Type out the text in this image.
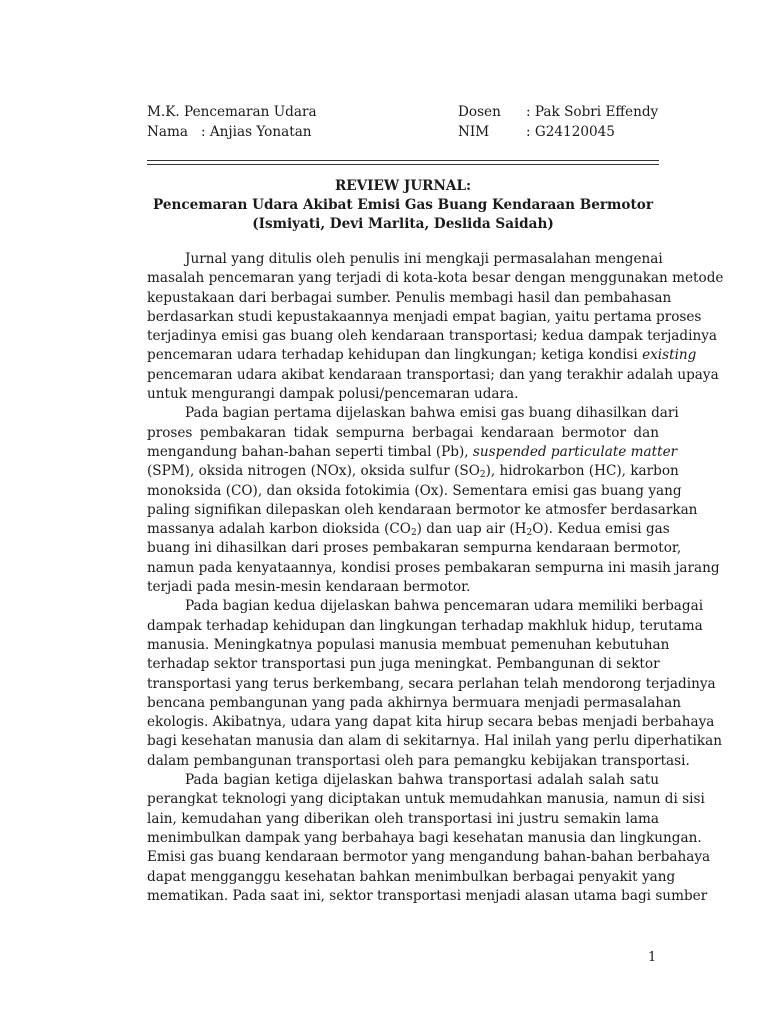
M.K. Pencemaran Udara	Dosen : Pak Sobri Effendy
Nama   : Anjias Yonatan	NIM	: G24120045
REVIEW JURNAL:
Pencemaran Udara Akibat Emisi Gas Buang Kendaraan Bermotor
(Ismiyati, Devi Marlita, Deslida Saidah)
Jurnal yang ditulis oleh penulis ini mengkaji permasalahan mengenai
masalah pencemaran yang terjadi di kota-kota besar dengan menggunakan metode
kepustakaan dari berbagai sumber. Penulis membagi hasil dan pembahasan
berdasarkan studi kepustakaannya menjadi empat bagian, yaitu pertama proses
terjadinya emisi gas buang oleh kendaraan transportasi; kedua dampak terjadinya
pencemaran udara terhadap kehidupan dan lingkungan; ketiga kondisi existing
pencemaran udara akibat kendaraan transportasi; dan yang terakhir adalah upaya
untuk mengurangi dampak polusi/pencemaran udara.
Pada bagian pertama dijelaskan bahwa emisi gas buang dihasilkan dari
proses pembakaran tidak sempurna berbagai kendaraan bermotor dan
mengandung bahan-bahan seperti timbal (Pb), suspended particulate matter
(SPM), oksida nitrogen (NOx), oksida sulfur $(SO_2)$, hidrokarbon (HC), karbon
monoksida (CO), dan oksida fotokimia (Ox). Sementara emisi gas buang yang
paling signifikan dilepaskan oleh kendaraan bermotor ke atmosfer berdasarkan
massanya adalah karbon dioksida $(CO_2)$ dan uap air $(H_2O)$. Kedua emisi gas
buang ini dihasilkan dari proses pembakaran sempurna kendaraan bermotor,
namun pada kenyataannya, kondisi proses pembakaran sempurna ini masih jarang
terjadi pada mesin-mesin kendaraan bermotor.
Pada bagian kedua dijelaskan bahwa pencemaran udara memiliki berbagai
dampak terhadap kehidupan dan lingkungan terhadap makhluk hidup, terutama
manusia. Meningkatnya populasi manusia membuat pemenuhan kebutuhan
terhadap sektor transportasi pun juga meningkat. Pembangunan di sektor
transportasi yang terus berkembang, secara perlahan telah mendorong terjadinya
bencana pembangunan yang pada akhirnya bermuara menjadi permasalahan
ekologis. Akibatnya, udara yang dapat kita hirup secara bebas menjadi berbahaya
bagi kesehatan manusia dan alam di sekitarnya. Hal inilah yang perlu diperhatikan
dalam pembangunan transportasi oleh para pemangku kebijakan transportasi.
Pada bagian ketiga dijelaskan bahwa transportasi adalah salah satu
perangkat teknologi yang diciptakan untuk memudahkan manusia, namun di sisi
lain, kemudahan yang diberikan oleh transportasi ini justru semakin lama
menimbulkan dampak yang berbahaya bagi kesehatan manusia dan lingkungan.
Emisi gas buang kendaraan bermotor yang mengandung bahan-bahan berbahaya
dapat mengganggu kesehatan bahkan menimbulkan berbagai penyakit yang
mematikan. Pada saat ini, sektor transportasi menjadi alasan utama bagi sumber
1
